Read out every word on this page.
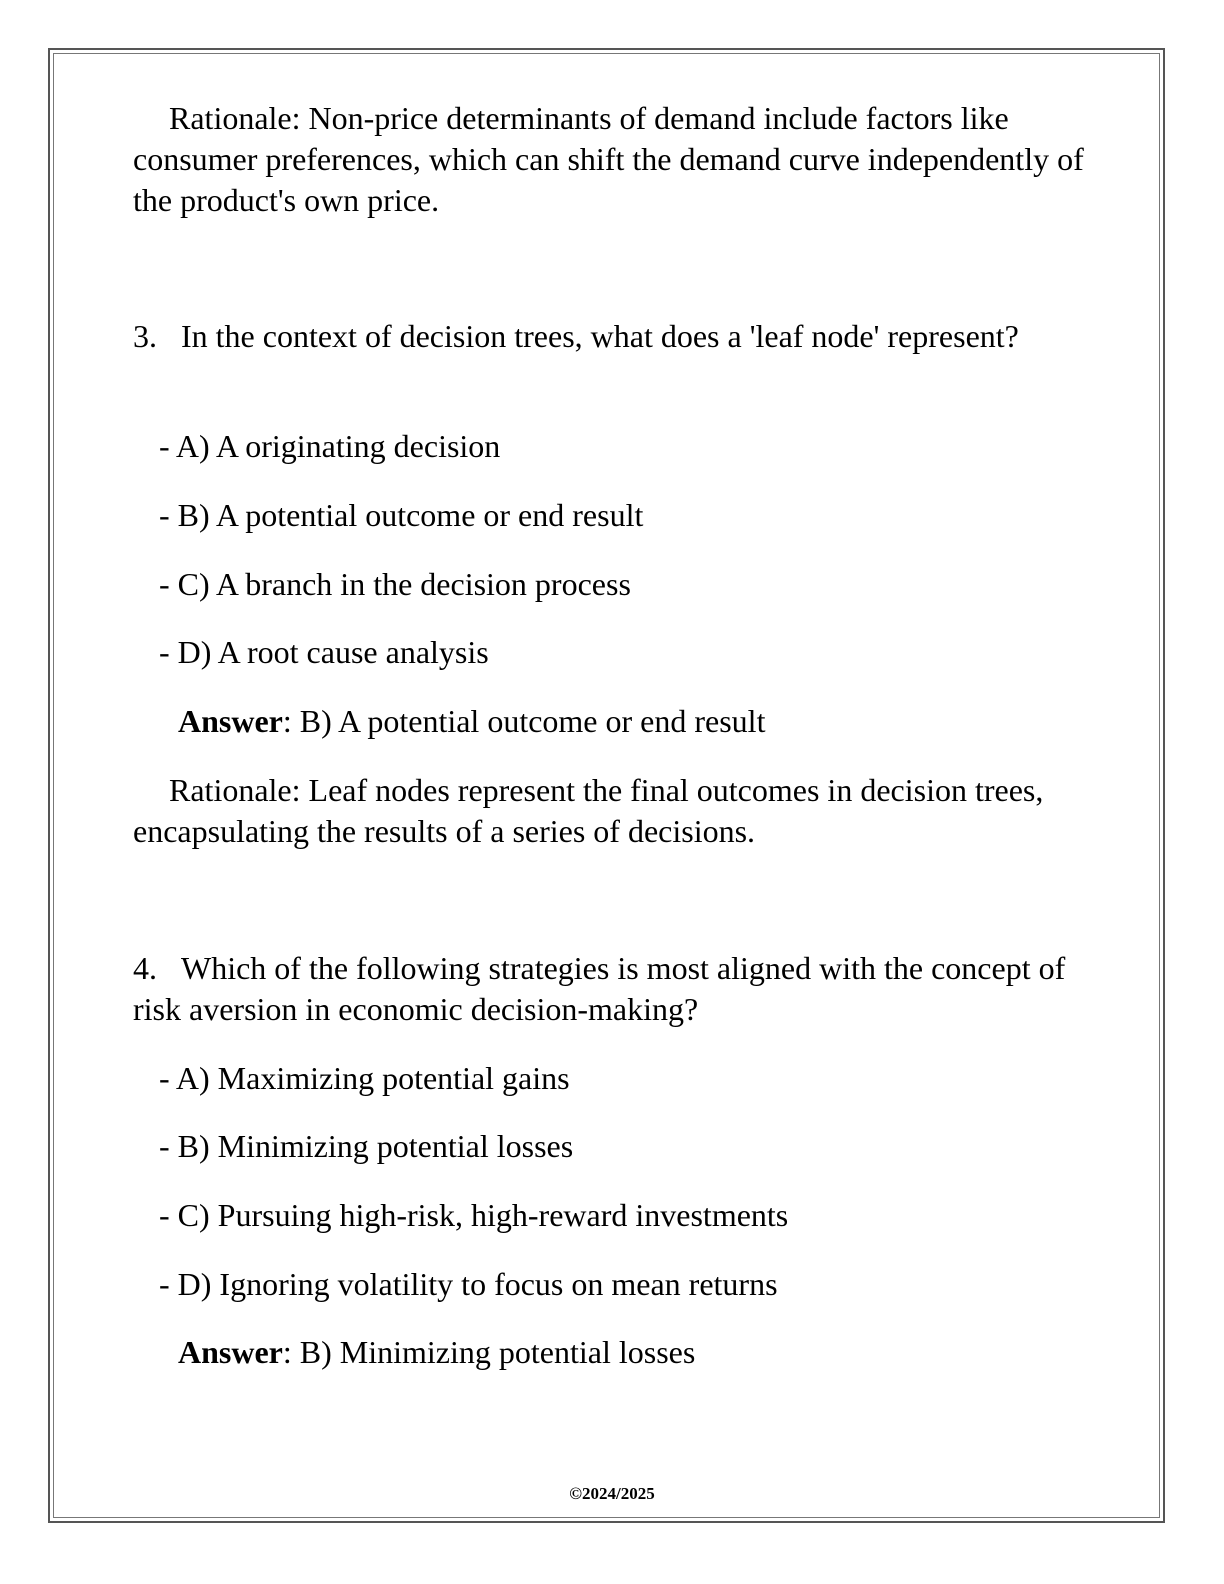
Rationale: Non-price determinants of demand include factors like consumer preferences, which can shift the demand curve independently of the product's own price.

3. In the context of decision trees, what does a 'leaf node' represent?

- A) A originating decision

- B) A potential outcome or end result

- C) A branch in the decision process

- D) A root cause analysis

Answer: B) A potential outcome or end result

Rationale: Leaf nodes represent the final outcomes in decision trees, encapsulating the results of a series of decisions.

4. Which of the following strategies is most aligned with the concept of risk aversion in economic decision-making?

- A) Maximizing potential gains

- B) Minimizing potential losses

- C) Pursuing high-risk, high-reward investments

- D) Ignoring volatility to focus on mean returns

Answer: B) Minimizing potential losses

©2024/2025
